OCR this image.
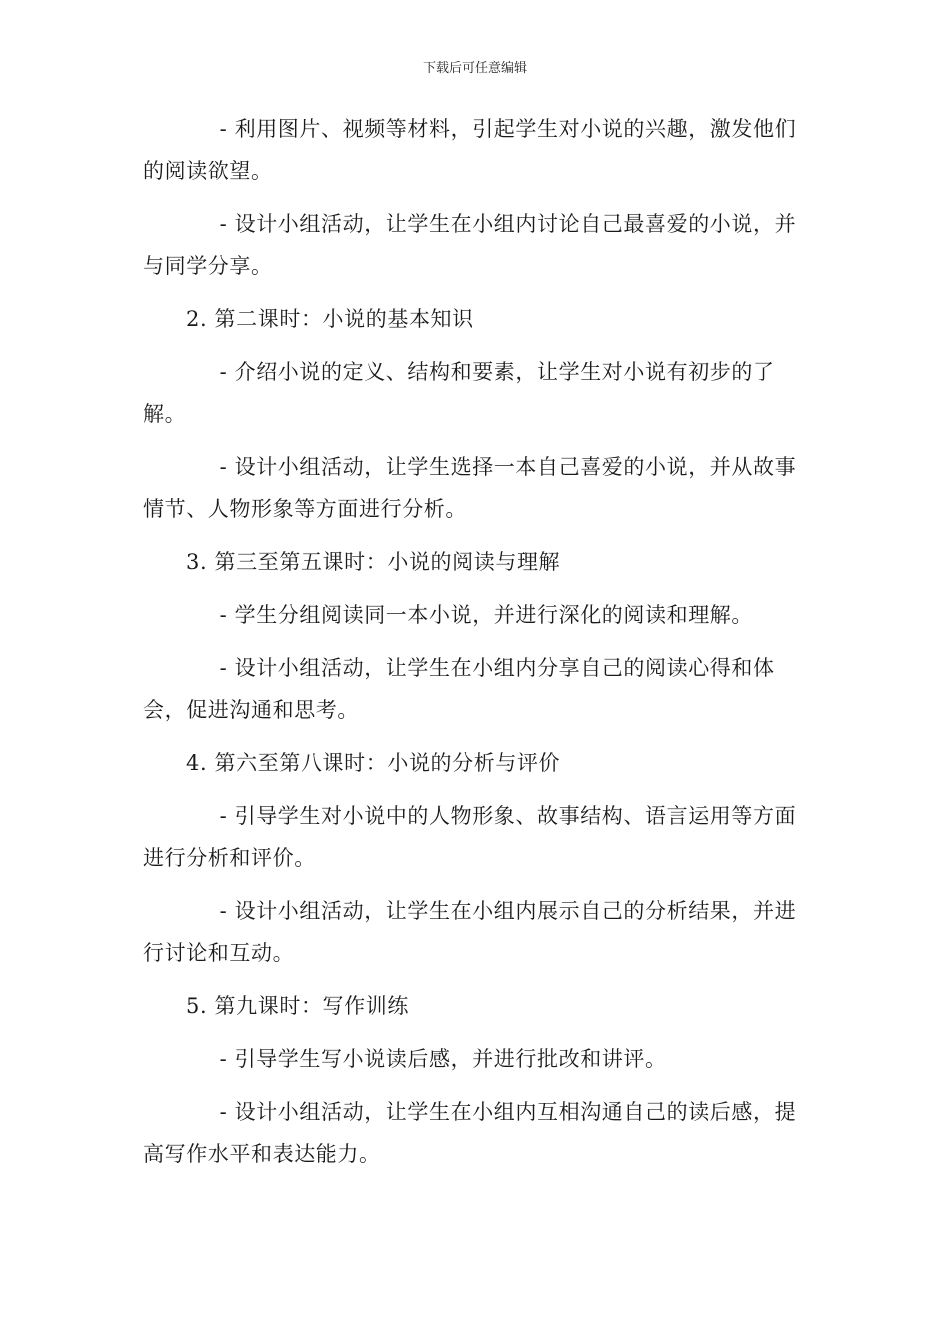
下载后可任意编辑

- 利用图片、视频等材料，引起学生对小说的兴趣，激发他们的阅读欲望。

- 设计小组活动，让学生在小组内讨论自己最喜爱的小说，并与同学分享。

2. 第二课时：小说的基本知识

- 介绍小说的定义、结构和要素，让学生对小说有初步的了解。

- 设计小组活动，让学生选择一本自己喜爱的小说，并从故事情节、人物形象等方面进行分析。

3. 第三至第五课时：小说的阅读与理解

- 学生分组阅读同一本小说，并进行深化的阅读和理解。

- 设计小组活动，让学生在小组内分享自己的阅读心得和体会，促进沟通和思考。

4. 第六至第八课时：小说的分析与评价

- 引导学生对小说中的人物形象、故事结构、语言运用等方面进行分析和评价。

- 设计小组活动，让学生在小组内展示自己的分析结果，并进行讨论和互动。

5. 第九课时：写作训练

- 引导学生写小说读后感，并进行批改和讲评。

- 设计小组活动，让学生在小组内互相沟通自己的读后感，提高写作水平和表达能力。
